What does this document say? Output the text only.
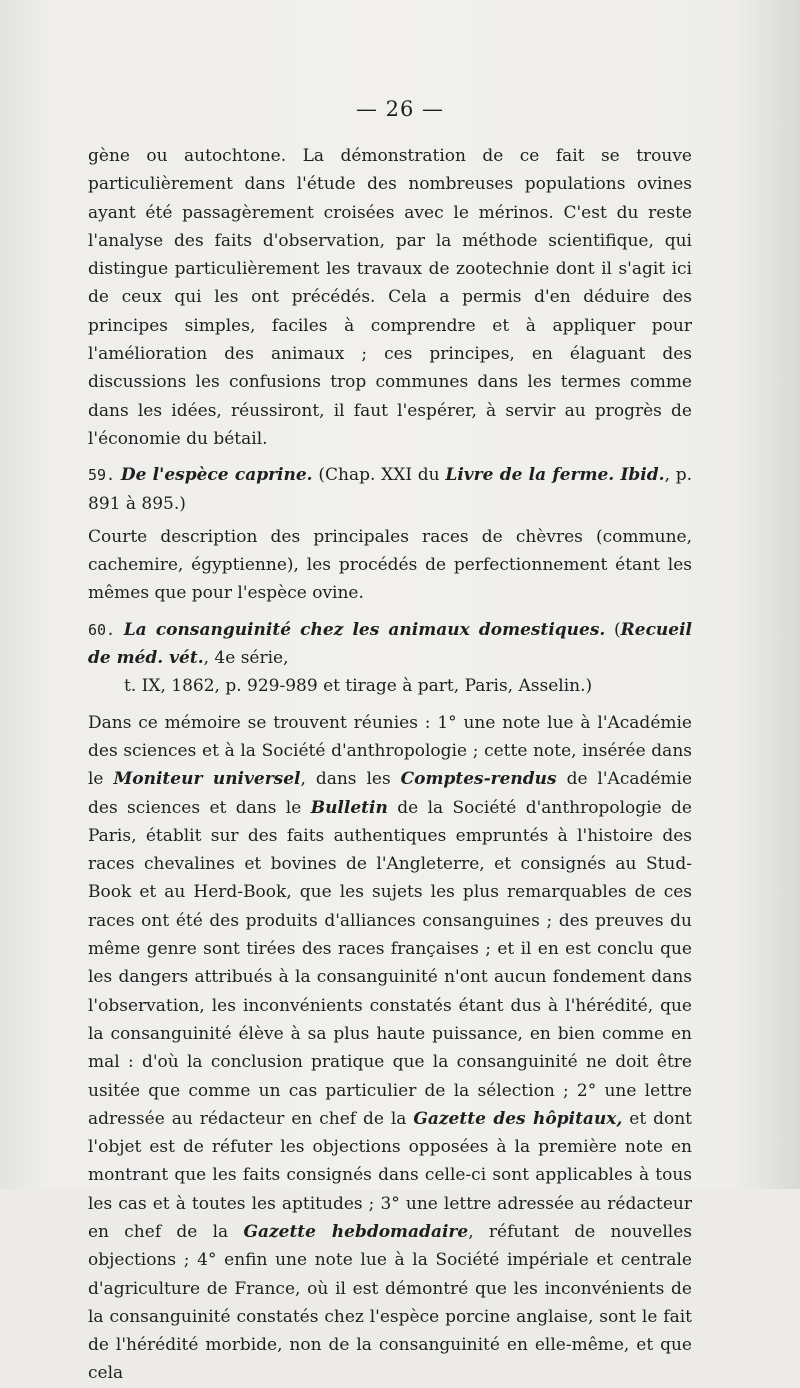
— 26 —

gène ou autochtone. La démonstration de ce fait se trouve particulièrement dans l'étude des nombreuses populations ovines ayant été passagèrement croisées avec le mérinos. C'est du reste l'analyse des faits d'observation, par la méthode scientifique, qui distingue particulièrement les travaux de zootechnie dont il s'agit ici de ceux qui les ont précédés. Cela a permis d'en déduire des principes simples, faciles à comprendre et à appliquer pour l'amélioration des animaux ; ces principes, en élaguant des discussions les confusions trop communes dans les termes comme dans les idées, réussiront, il faut l'espérer, à servir au progrès de l'économie du bétail.

59. De l'espèce caprine. (Chap. XXI du Livre de la ferme. Ibid., p. 891 à 895.)

Courte description des principales races de chèvres (commune, cachemire, égyptienne), les procédés de perfectionnement étant les mêmes que pour l'espèce ovine.

60. La consanguinité chez les animaux domestiques. (Recueil de méd. vét., 4e série,
t. IX, 1862, p. 929-989 et tirage à part, Paris, Asselin.)

Dans ce mémoire se trouvent réunies : 1° une note lue à l'Académie des sciences et à la Société d'anthropologie ; cette note, insérée dans le Moniteur universel, dans les Comptes-rendus de l'Académie des sciences et dans le Bulletin de la Société d'anthropologie de Paris, établit sur des faits authentiques empruntés à l'histoire des races chevalines et bovines de l'Angleterre, et consignés au Stud-Book et au Herd-Book, que les sujets les plus remarquables de ces races ont été des produits d'alliances consanguines ; des preuves du même genre sont tirées des races françaises ; et il en est conclu que les dangers attribués à la consanguinité n'ont aucun fondement dans l'observation, les inconvénients constatés étant dus à l'hérédité, que la consanguinité élève à sa plus haute puissance, en bien comme en mal : d'où la conclusion pratique que la consanguinité ne doit être usitée que comme un cas particulier de la sélection ; 2° une lettre adressée au rédacteur en chef de la Gazette des hôpitaux, et dont l'objet est de réfuter les objections opposées à la première note en montrant que les faits consignés dans celle-ci sont applicables à tous les cas et à toutes les aptitudes ; 3° une lettre adressée au rédacteur en chef de la Gazette hebdomadaire, réfutant de nouvelles objections ; 4° enfin une note lue à la Société impériale et centrale d'agriculture de France, où il est démontré que les inconvénients de la consanguinité constatés chez l'espèce porcine anglaise, sont le fait de l'hérédité morbide, non de la consanguinité en elle-même, et que cela
